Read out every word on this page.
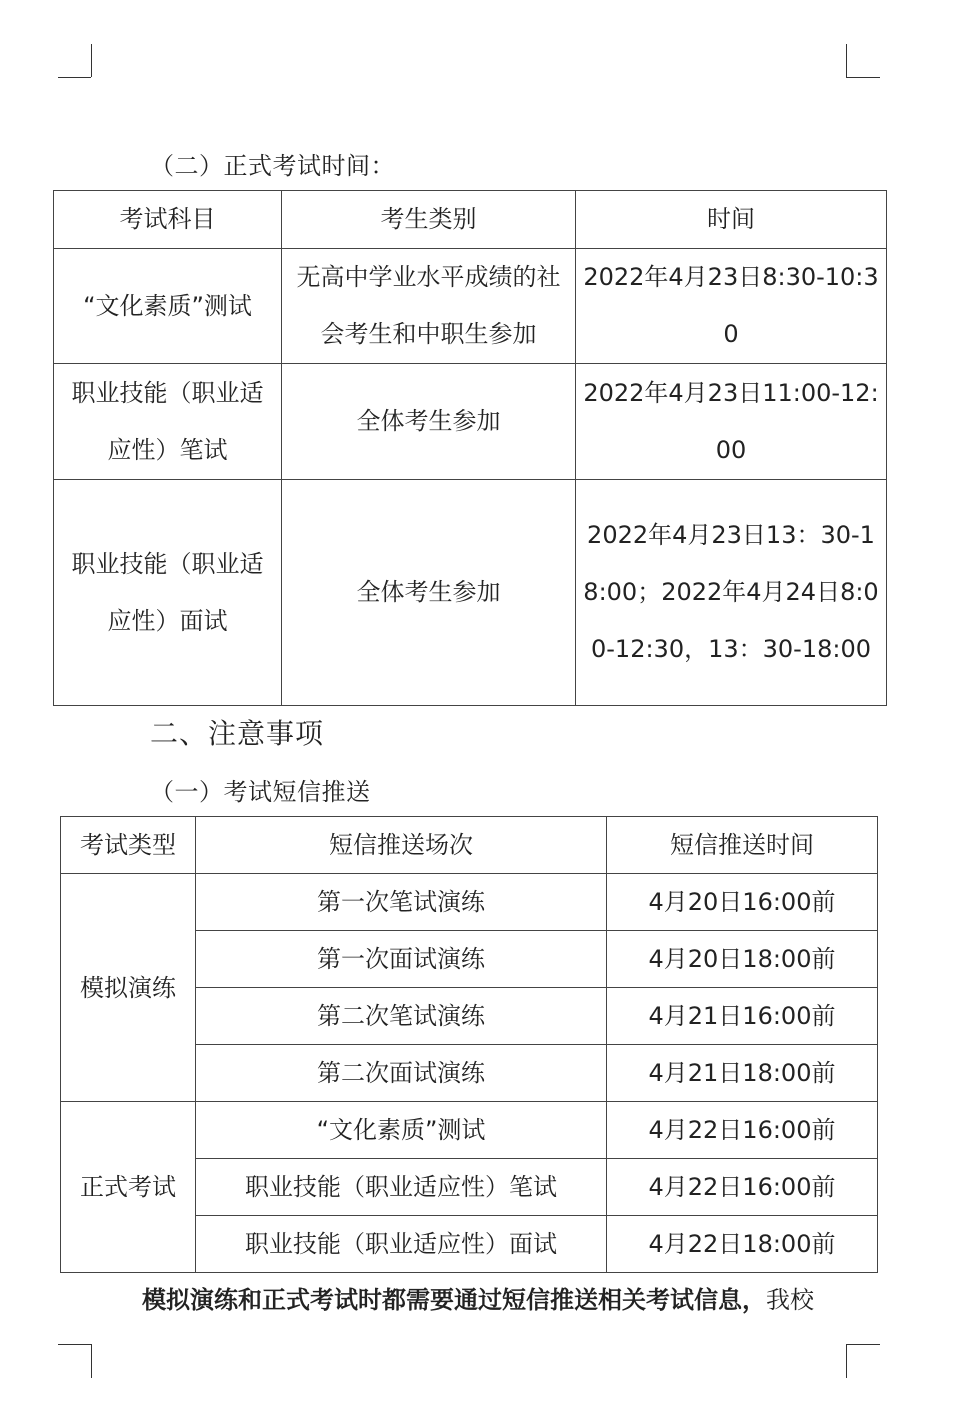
（二）正式考试时间：
考试科目	考生类别	时间
“文化素质”测试	无高中学业水平成绩的社会考生和中职生参加	2022年4月23日8:30-10:30
职业技能（职业适应性）笔试	全体考生参加	2022年4月23日11:00-12:00
职业技能（职业适应性）面试	全体考生参加	2022年4月23日13：30-18:00；2022年4月24日8:00-12:30，13：30-18:00
二、注意事项
（一）考试短信推送
考试类型	短信推送场次	短信推送时间
模拟演练	第一次笔试演练	4月20日16:00前
	第一次面试演练	4月20日18:00前
	第二次笔试演练	4月21日16:00前
	第二次面试演练	4月21日18:00前
正式考试	“文化素质”测试	4月22日16:00前
	职业技能（职业适应性）笔试	4月22日16:00前
	职业技能（职业适应性）面试	4月22日18:00前
模拟演练和正式考试时都需要通过短信推送相关考试信息，我校
